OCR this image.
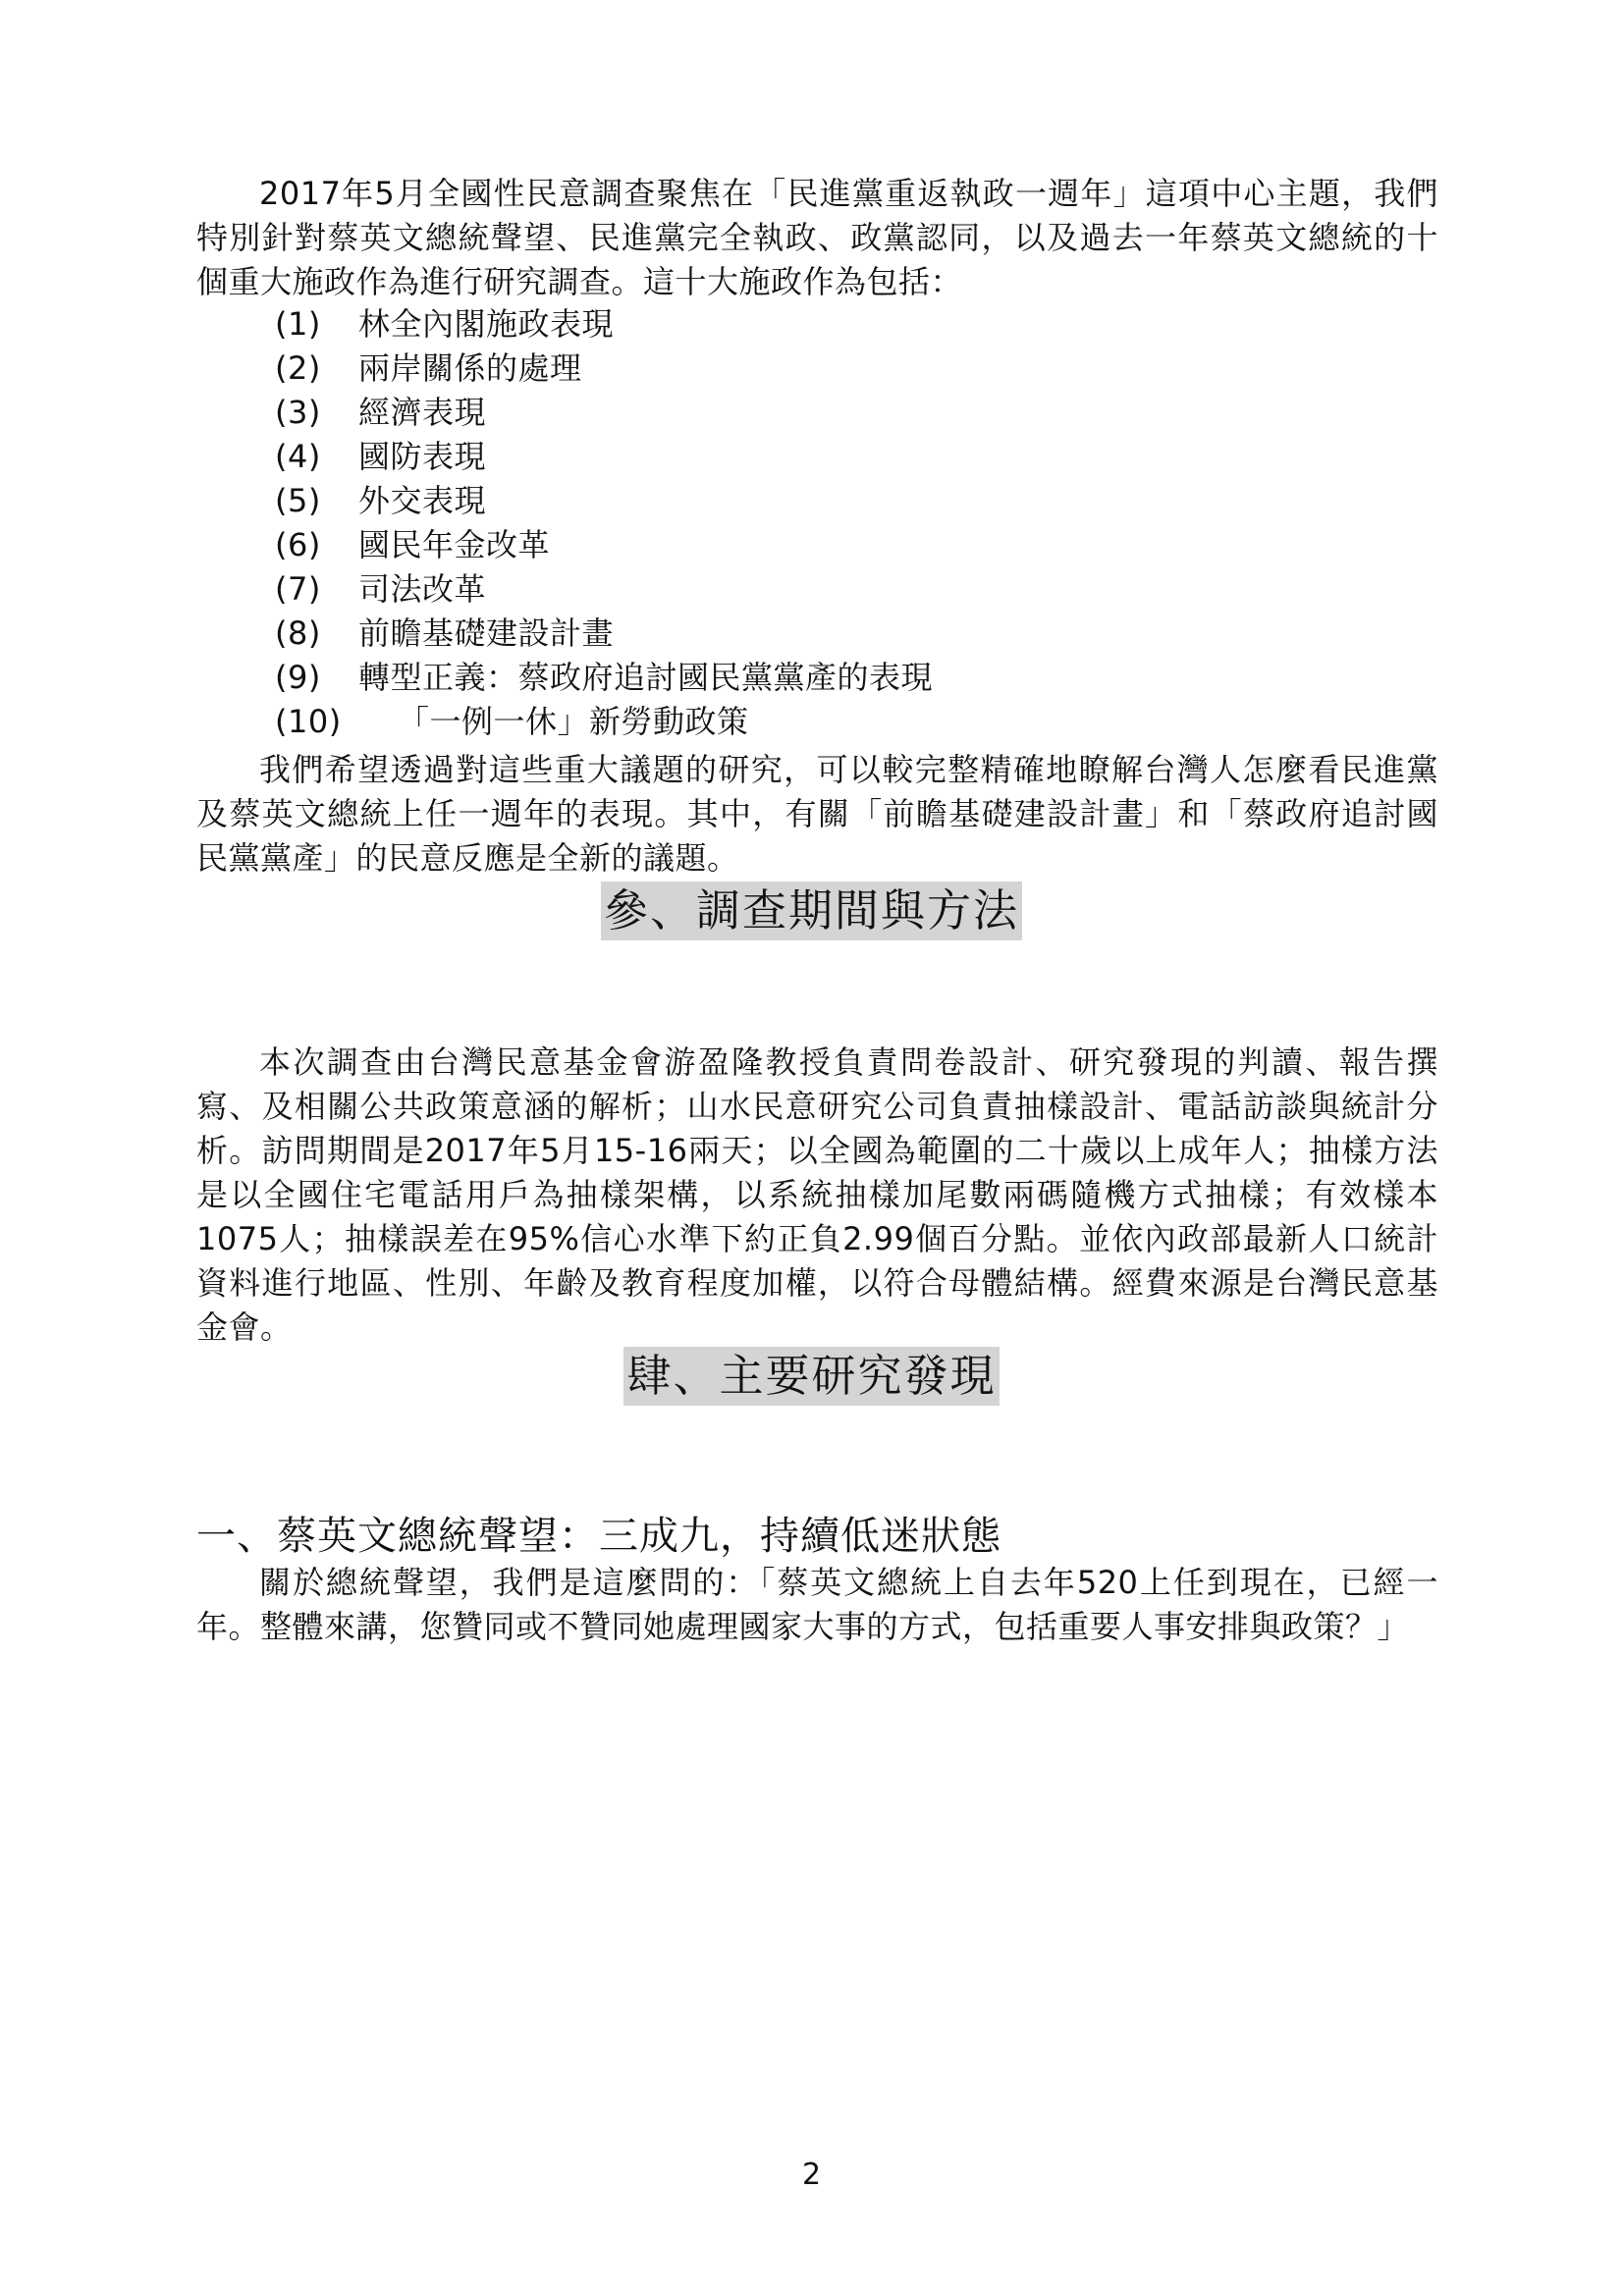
2017年5月全國性民意調查聚焦在「民進黨重返執政一週年」這項中心主題，我們特別針對蔡英文總統聲望、民進黨完全執政、政黨認同，以及過去一年蔡英文總統的十個重大施政作為進行研究調查。這十大施政作為包括：

(1)	林全內閣施政表現
(2)	兩岸關係的處理
(3)	經濟表現
(4)	國防表現
(5)	外交表現
(6)	國民年金改革
(7)	司法改革
(8)	前瞻基礎建設計畫
(9)	轉型正義：蔡政府追討國民黨黨產的表現
(10)	「一例一休」新勞動政策

我們希望透過對這些重大議題的研究，可以較完整精確地瞭解台灣人怎麼看民進黨及蔡英文總統上任一週年的表現。其中，有關「前瞻基礎建設計畫」和「蔡政府追討國民黨黨產」的民意反應是全新的議題。

參、調查期間與方法

本次調查由台灣民意基金會游盈隆教授負責問卷設計、研究發現的判讀、報告撰寫、及相關公共政策意涵的解析；山水民意研究公司負責抽樣設計、電話訪談與統計分析。訪問期間是2017年5月15-16兩天；以全國為範圍的二十歲以上成年人；抽樣方法是以全國住宅電話用戶為抽樣架構，以系統抽樣加尾數兩碼隨機方式抽樣；有效樣本1075人；抽樣誤差在95%信心水準下約正負2.99個百分點。並依內政部最新人口統計資料進行地區、性別、年齡及教育程度加權，以符合母體結構。經費來源是台灣民意基金會。

肆、主要研究發現
一、蔡英文總統聲望：三成九，持續低迷狀態

關於總統聲望，我們是這麼問的：「蔡英文總統上自去年520上任到現在，已經一年。整體來講，您贊同或不贊同她處理國家大事的方式，包括重要人事安排與政策？」

2
